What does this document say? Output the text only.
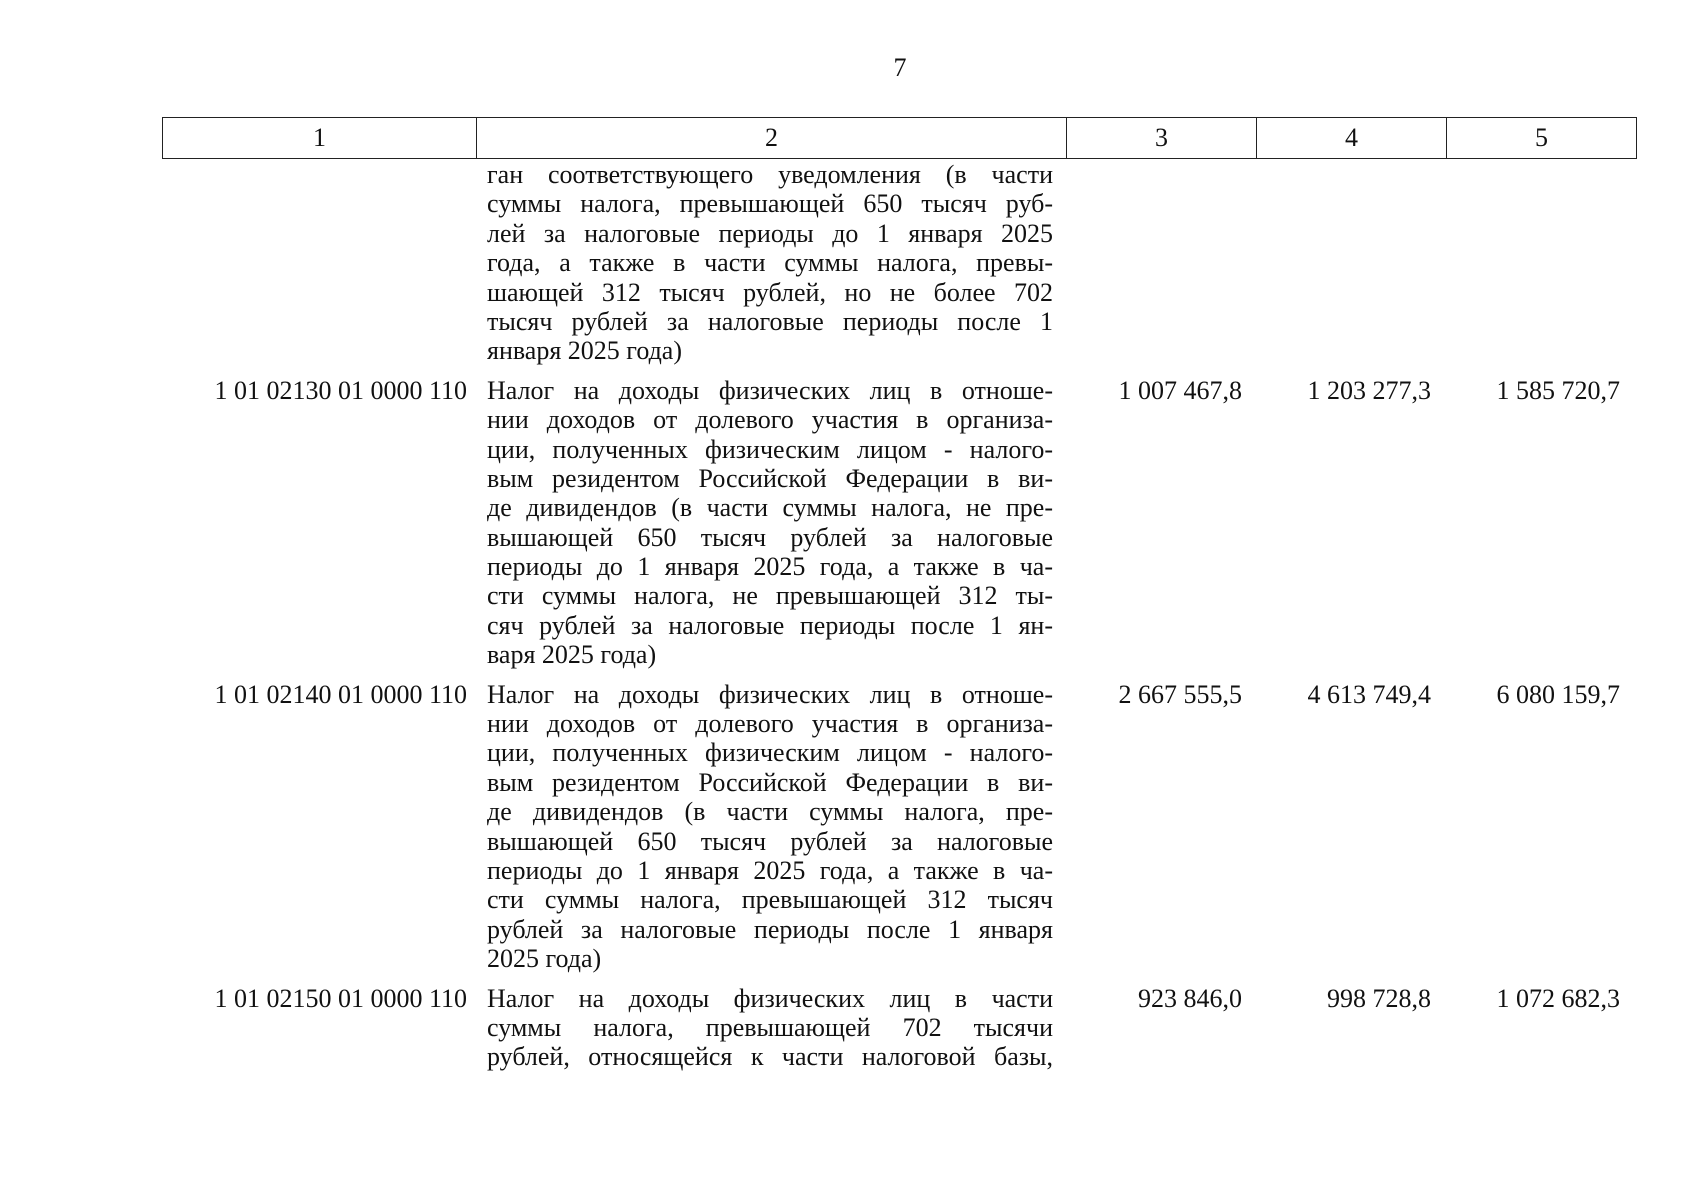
7
1	2	3	4	5
ган соответствующего уведомления (в части
суммы налога, превышающей 650 тысяч руб-
лей за налоговые периоды до 1 января 2025
года, а также в части суммы налога, превы-
шающей 312 тысяч рублей, но не более 702
тысяч рублей за налоговые периоды после 1
января 2025 года)
1 01 02130 01 0000 110 Налог на доходы физических лиц в отноше-
нии доходов от долевого участия в организа-
ции, полученных физическим лицом - налого-
вым резидентом Российской Федерации в ви-
де дивидендов (в части суммы налога, не пре-
вышающей 650 тысяч рублей за налоговые
периоды до 1 января 2025 года, а также в ча-
сти суммы налога, не превышающей 312 ты-
сяч рублей за налоговые периоды после 1 ян-
варя 2025 года)
1 007 467,8	1 203 277,3	1 585 720,7
1 01 02140 01 0000 110 Налог на доходы физических лиц в отноше-
нии доходов от долевого участия в организа-
ции, полученных физическим лицом - налого-
вым резидентом Российской Федерации в ви-
де дивидендов (в части суммы налога, пре-
вышающей 650 тысяч рублей за налоговые
периоды до 1 января 2025 года, а также в ча-
сти суммы налога, превышающей 312 тысяч
рублей за налоговые периоды после 1 января
2025 года)
2 667 555,5	4 613 749,4	6 080 159,7
1 01 02150 01 0000 110 Налог на доходы физических лиц в части
суммы налога, превышающей 702 тысячи
рублей, относящейся к части налоговой базы,
923 846,0	998 728,8	1 072 682,3
